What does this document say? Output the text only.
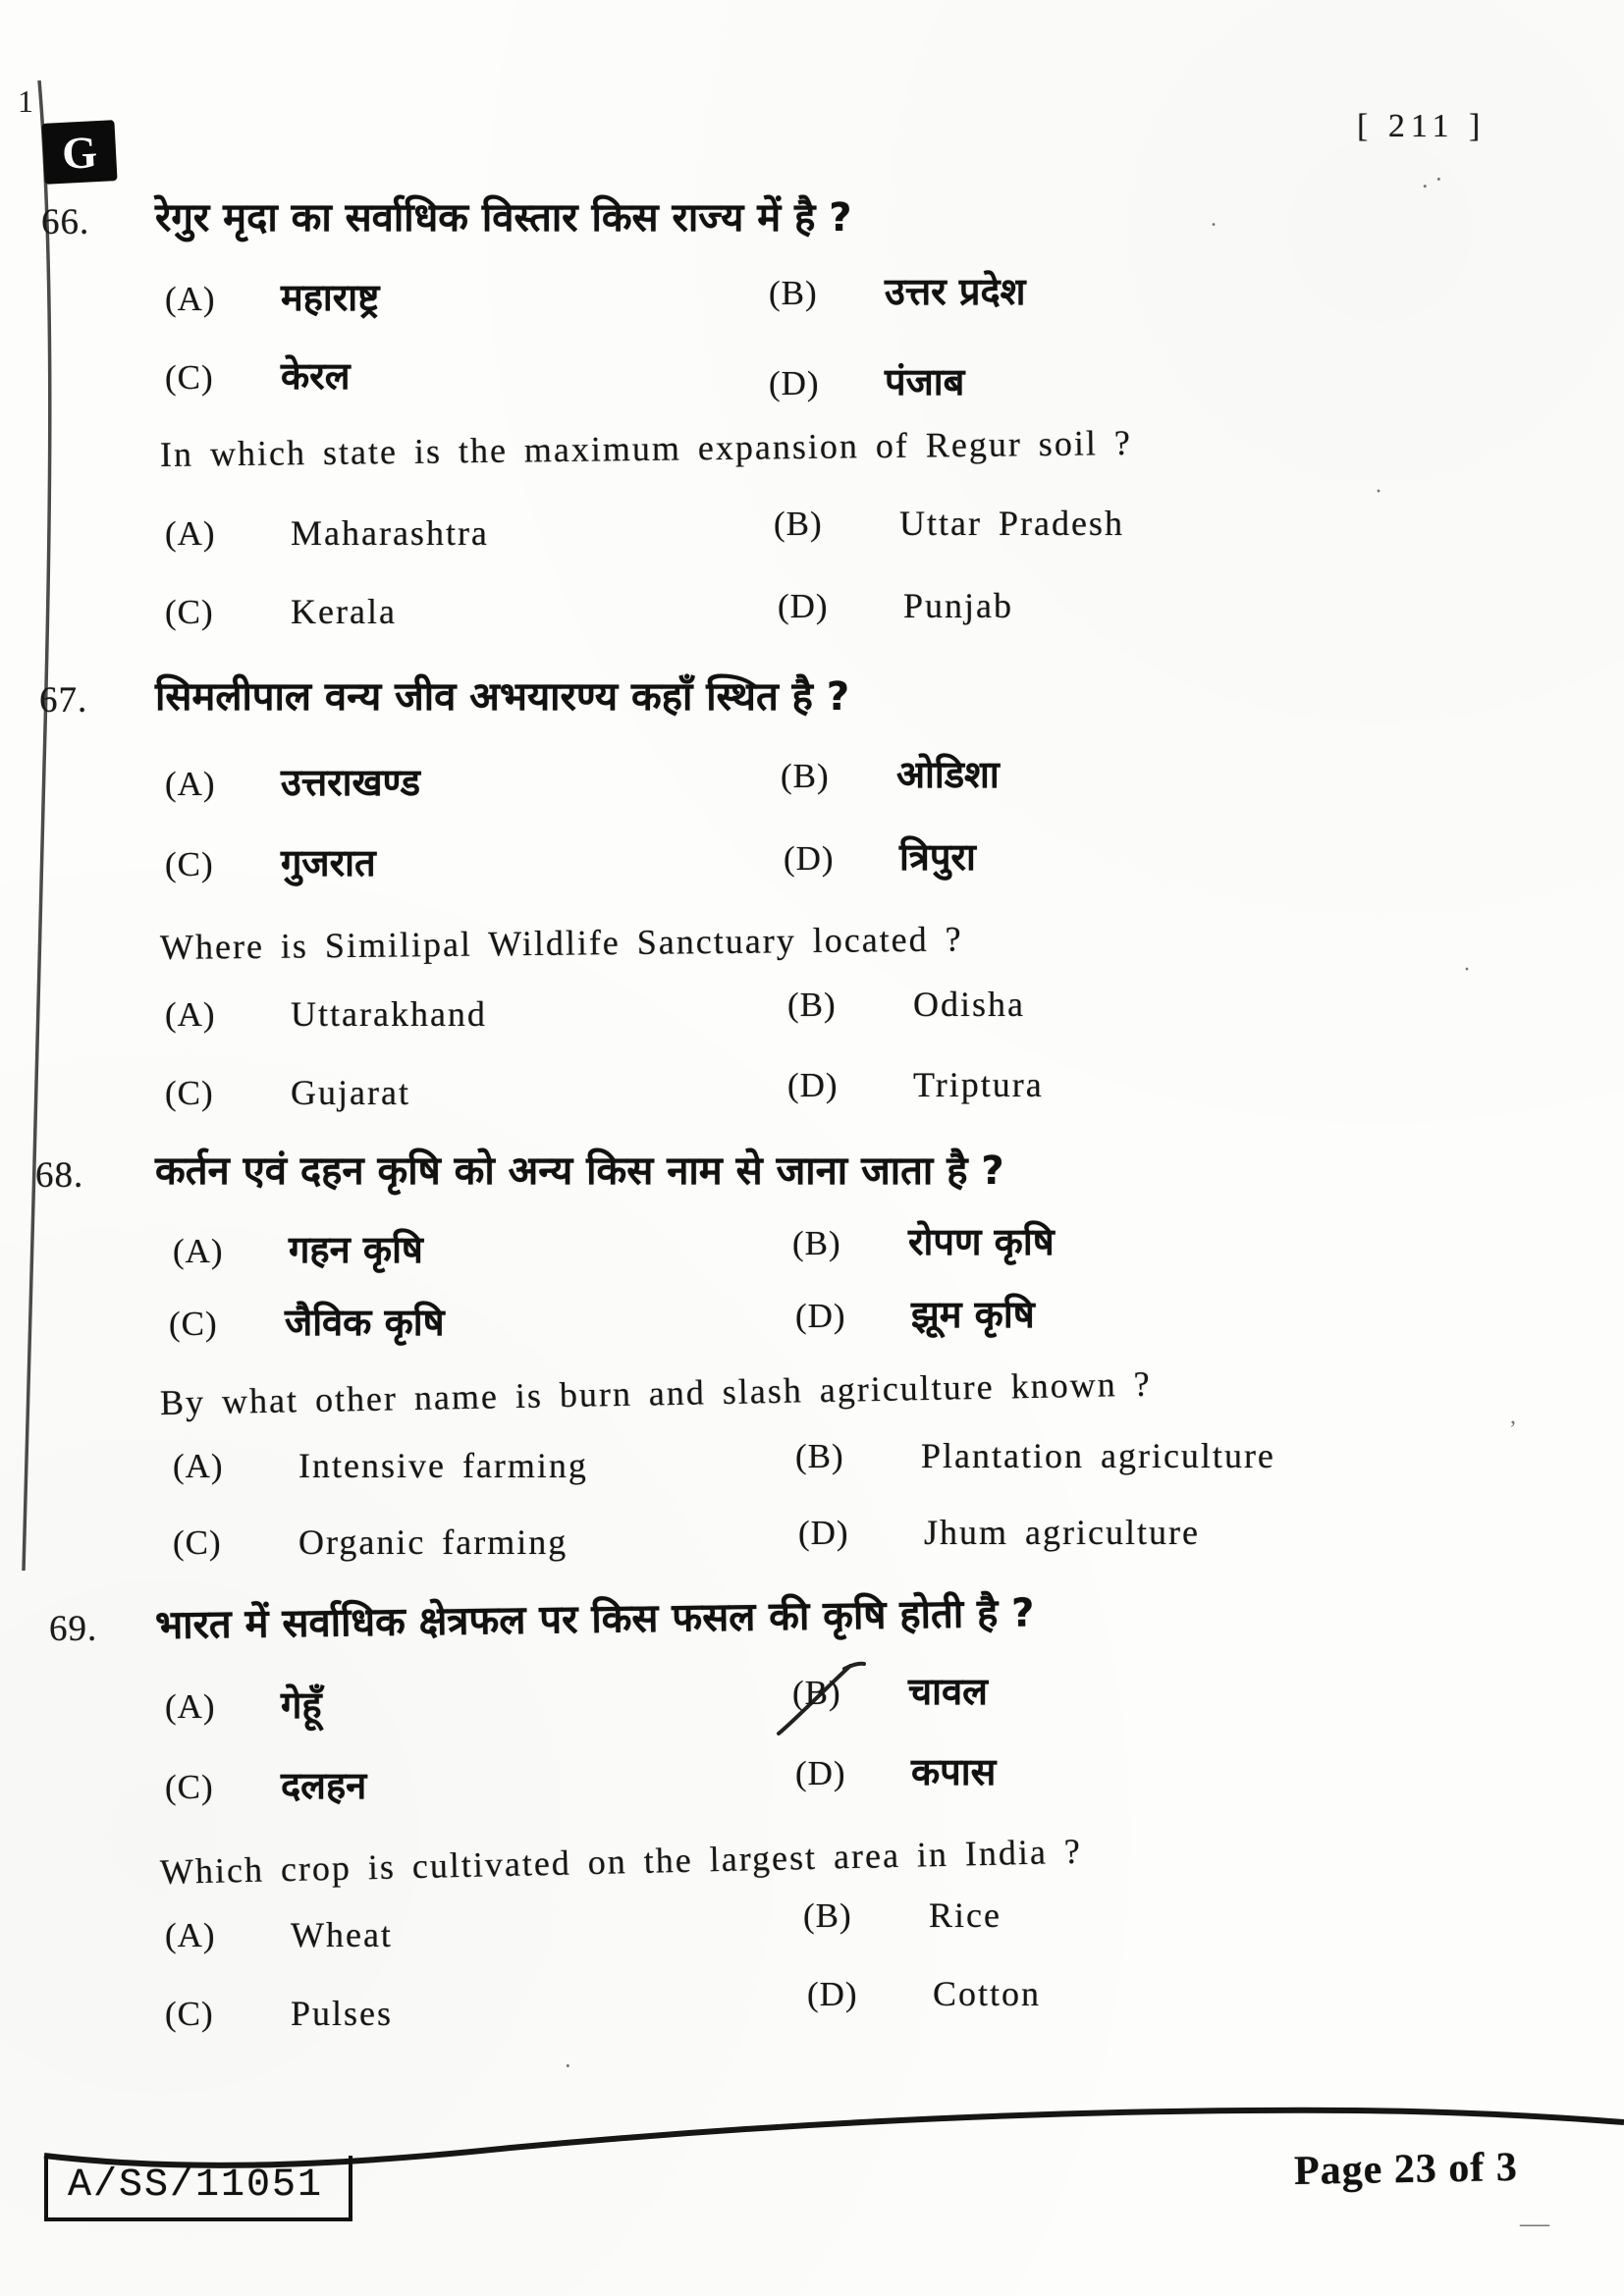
1
G
[ 211 ]
. ·
.
·
·
,
·
—
66. रेगुर मृदा का सर्वाधिक विस्तार किस राज्य में है ?
(A) महाराष्ट्र	(B) उत्तर प्रदेश
(C) केरल	(D) पंजाब
In which state is the maximum expansion of Regur soil ?
(A) Maharashtra	(B) Uttar Pradesh
(C) Kerala	(D) Punjab
67. सिमलीपाल वन्य जीव अभयारण्य कहाँ स्थित है ?
(A) उत्तराखण्ड	(B) ओडिशा
(C) गुजरात	(D) त्रिपुरा
Where is Similipal Wildlife Sanctuary located ?
(A) Uttarakhand	(B) Odisha
(C) Gujarat	(D) Triptura
68. कर्तन एवं दहन कृषि को अन्य किस नाम से जाना जाता है ?
(A) गहन कृषि	(B) रोपण कृषि
(C) जैविक कृषि	(D) झूम कृषि
By what other name is burn and slash agriculture known ?
(A) Intensive farming	(B) Plantation agriculture
(C) Organic farming	(D) Jhum agriculture
69. भारत में सर्वाधिक क्षेत्रफल पर किस फसल की कृषि होती है ?
(A) गेहूँ	(B) चावल
(C) दलहन	(D) कपास
Which crop is cultivated on the largest area in India ?
(A) Wheat	(B) Rice
(C) Pulses	(D) Cotton
A/SS/11051	Page 23 of 3
